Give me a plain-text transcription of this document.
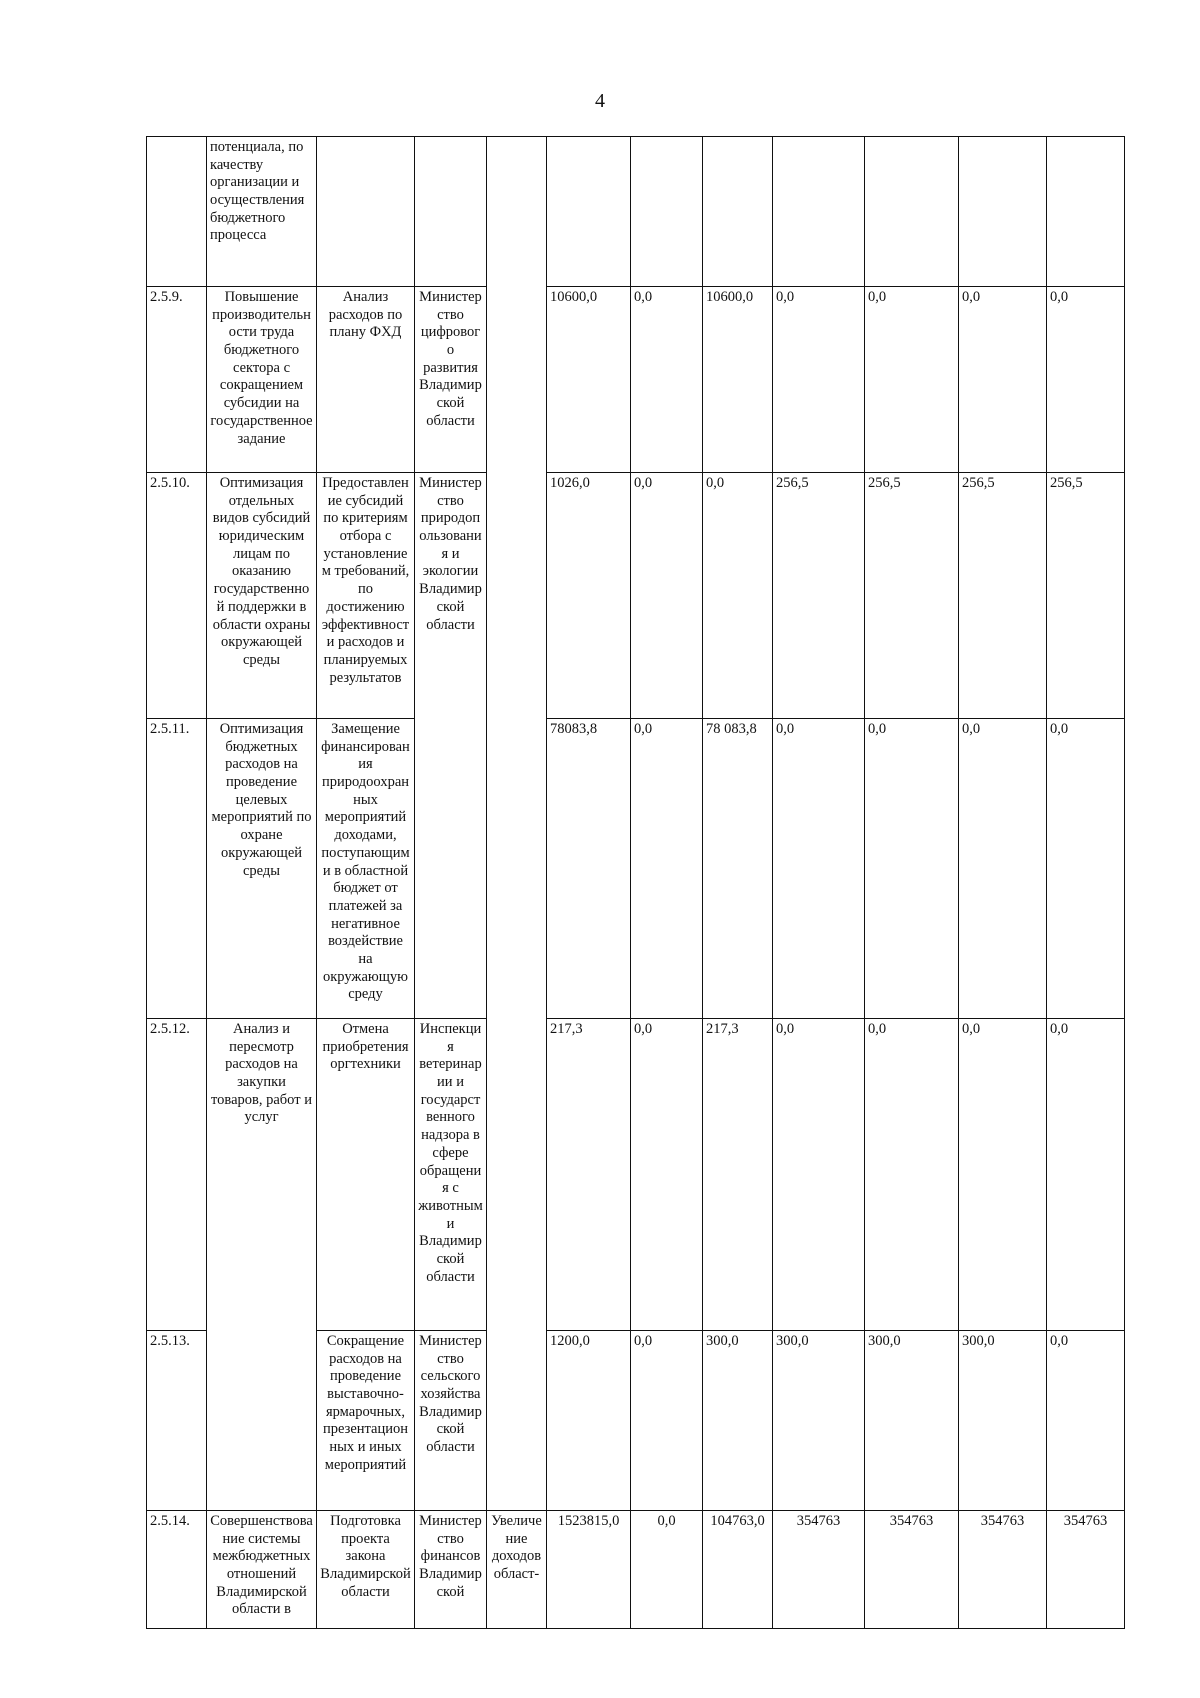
4
	потенциала, по качеству организации и осуществления бюджетного процесса										
2.5.9.	Повышение производительности труда бюджетного сектора с сокращением субсидии на государственное задание	Анализ расходов по плану ФХД	Министерство цифрового развития Владимирской области		10600,0	0,0	10600,0	0,0	0,0	0,0	0,0
2.5.10.	Оптимизация отдельных видов субсидий юридическим лицам по оказанию государственной поддержки в области охраны окружающей среды	Предоставление субсидий по критериям отбора с установлением требований, по достижению эффективности расходов и планируемых результатов	Министерство природопользования и экологии Владимирской области		1026,0	0,0	0,0	256,5	256,5	256,5	256,5
2.5.11.	Оптимизация бюджетных расходов на проведение целевых мероприятий по охране окружающей среды	Замещение финансирования природоохранных мероприятий доходами, поступающими в областной бюджет от платежей за негативное воздействие на окружающую среду			78083,8	0,0	78 083,8	0,0	0,0	0,0	0,0
2.5.12.	Анализ и пересмотр расходов на закупки товаров, работ и услуг	Отмена приобретения оргтехники	Инспекция ветеринарии и государственного надзора в сфере обращения с животными Владимирской области		217,3	0,0	217,3	0,0	0,0	0,0	0,0
2.5.13.		Сокращение расходов на проведение выставочно-ярмарочных, презентационных и иных мероприятий	Министерство сельского хозяйства Владимирской области		1200,0	0,0	300,0	300,0	300,0	300,0	0,0
2.5.14.	Совершенствование системы межбюджетных отношений Владимирской области в	Подготовка проекта закона Владимирской области	Министерство финансов Владимирской	Увеличение доходов област-	1523815,0	0,0	104763,0	354763	354763	354763	354763
